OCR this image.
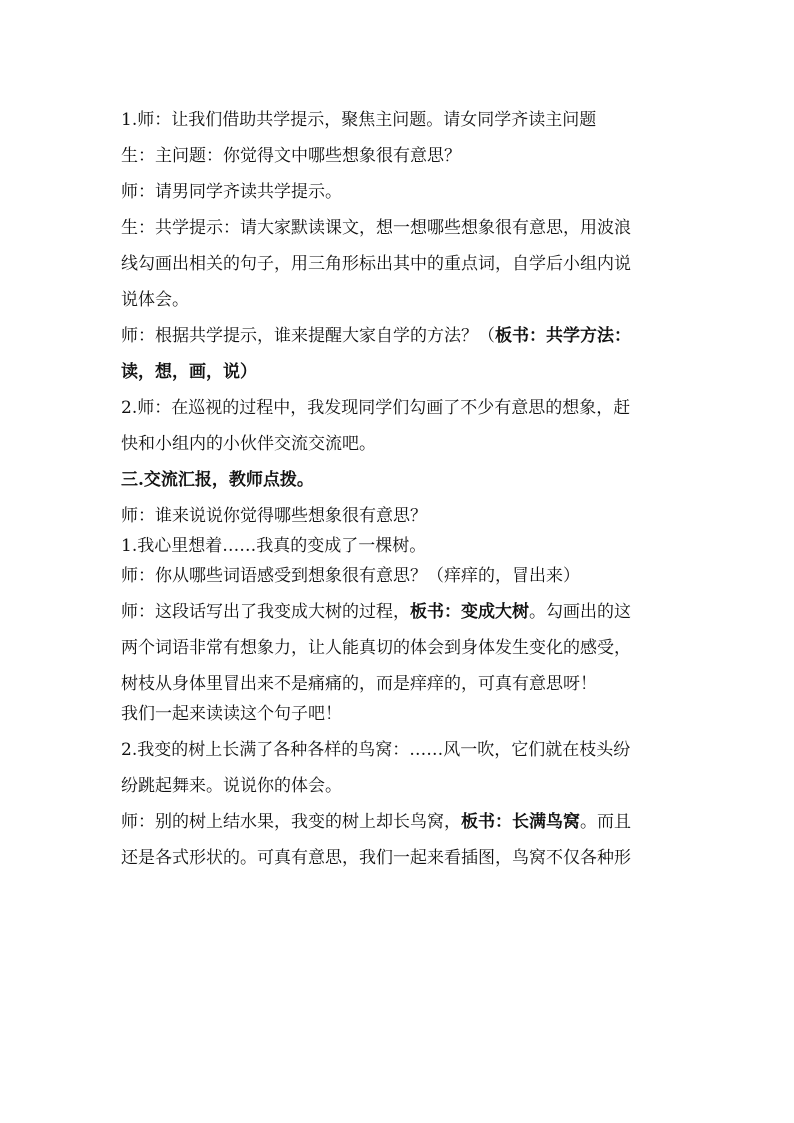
1.师：让我们借助共学提示，聚焦主问题。请女同学齐读主问题
生：主问题：你觉得文中哪些想象很有意思？
师：请男同学齐读共学提示。
生：共学提示：请大家默读课文，想一想哪些想象很有意思，用波浪
线勾画出相关的句子，用三角形标出其中的重点词，自学后小组内说
说体会。
师：根据共学提示，谁来提醒大家自学的方法？（板书：共学方法：
读，想，画，说）
2.师：在巡视的过程中，我发现同学们勾画了不少有意思的想象，赶
快和小组内的小伙伴交流交流吧。
三.交流汇报，教师点拨。
师：谁来说说你觉得哪些想象很有意思？
1.我心里想着……我真的变成了一棵树。
师：你从哪些词语感受到想象很有意思？（痒痒的，冒出来）
师：这段话写出了我变成大树的过程，板书：变成大树。勾画出的这
两个词语非常有想象力，让人能真切的体会到身体发生变化的感受，
树枝从身体里冒出来不是痛痛的，而是痒痒的，可真有意思呀！
我们一起来读读这个句子吧！
2.我变的树上长满了各种各样的鸟窝：……风一吹，它们就在枝头纷
纷跳起舞来。说说你的体会。
师：别的树上结水果，我变的树上却长鸟窝，板书：长满鸟窝。而且
还是各式形状的。可真有意思，我们一起来看插图，鸟窝不仅各种形
